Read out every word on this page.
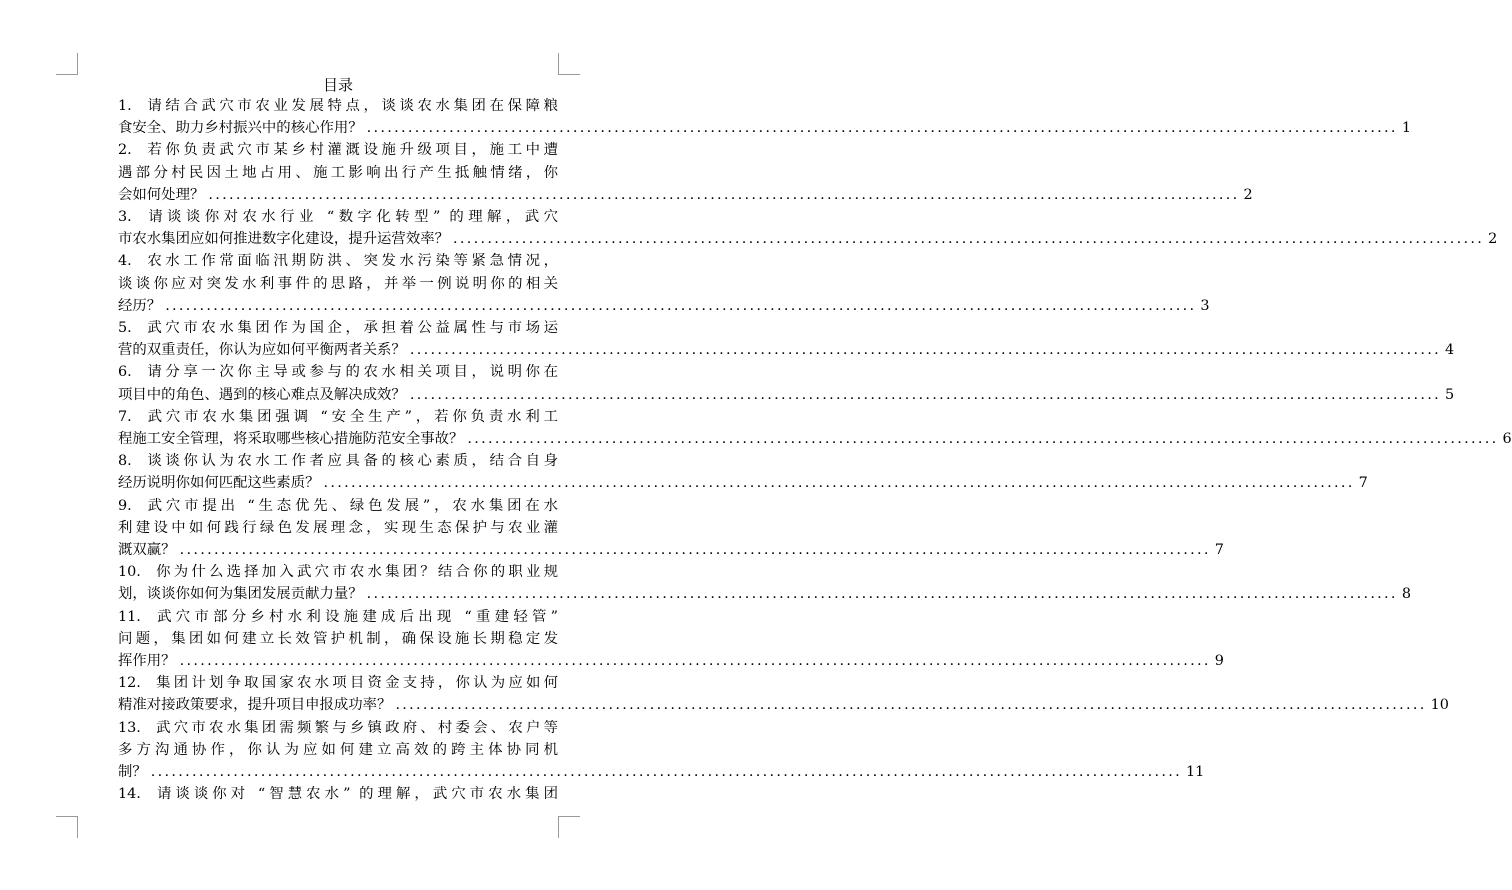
目录
1. 请结合武穴市农业发展特点，谈谈农水集团在保障粮
食安全、助力乡村振兴中的核心作用？ ...................................................................................................................................................... 1
2. 若你负责武穴市某乡村灌溉设施升级项目，施工中遭
遇部分村民因土地占用、施工影响出行产生抵触情绪，你
会如何处理？ ...................................................................................................................................................... 2
3. 请谈谈你对农水行业 “数字化转型” 的理解，武穴
市农水集团应如何推进数字化建设，提升运营效率？ ...................................................................................................................................................... 2
4. 农水工作常面临汛期防洪、突发水污染等紧急情况，
谈谈你应对突发水利事件的思路，并举一例说明你的相关
经历？ ...................................................................................................................................................... 3
5. 武穴市农水集团作为国企，承担着公益属性与市场运
营的双重责任，你认为应如何平衡两者关系？ ...................................................................................................................................................... 4
6. 请分享一次你主导或参与的农水相关项目，说明你在
项目中的角色、遇到的核心难点及解决成效？ ...................................................................................................................................................... 5
7. 武穴市农水集团强调 “安全生产”，若你负责水利工
程施工安全管理，将采取哪些核心措施防范安全事故？ ...................................................................................................................................................... 6
8. 谈谈你认为农水工作者应具备的核心素质，结合自身
经历说明你如何匹配这些素质？ ...................................................................................................................................................... 7
9. 武穴市提出 “生态优先、绿色发展”，农水集团在水
利建设中如何践行绿色发展理念，实现生态保护与农业灌
溉双赢？ ...................................................................................................................................................... 7
10. 你为什么选择加入武穴市农水集团？结合你的职业规
划，谈谈你如何为集团发展贡献力量？ ...................................................................................................................................................... 8
11. 武穴市部分乡村水利设施建成后出现 “重建轻管”
问题，集团如何建立长效管护机制，确保设施长期稳定发
挥作用？ ...................................................................................................................................................... 9
12. 集团计划争取国家农水项目资金支持，你认为应如何
精准对接政策要求，提升项目申报成功率？ ...................................................................................................................................................... 10
13. 武穴市农水集团需频繁与乡镇政府、村委会、农户等
多方沟通协作，你认为应如何建立高效的跨主体协同机
制？ ...................................................................................................................................................... 11
14. 请谈谈你对 “智慧农水” 的理解，武穴市农水集团
